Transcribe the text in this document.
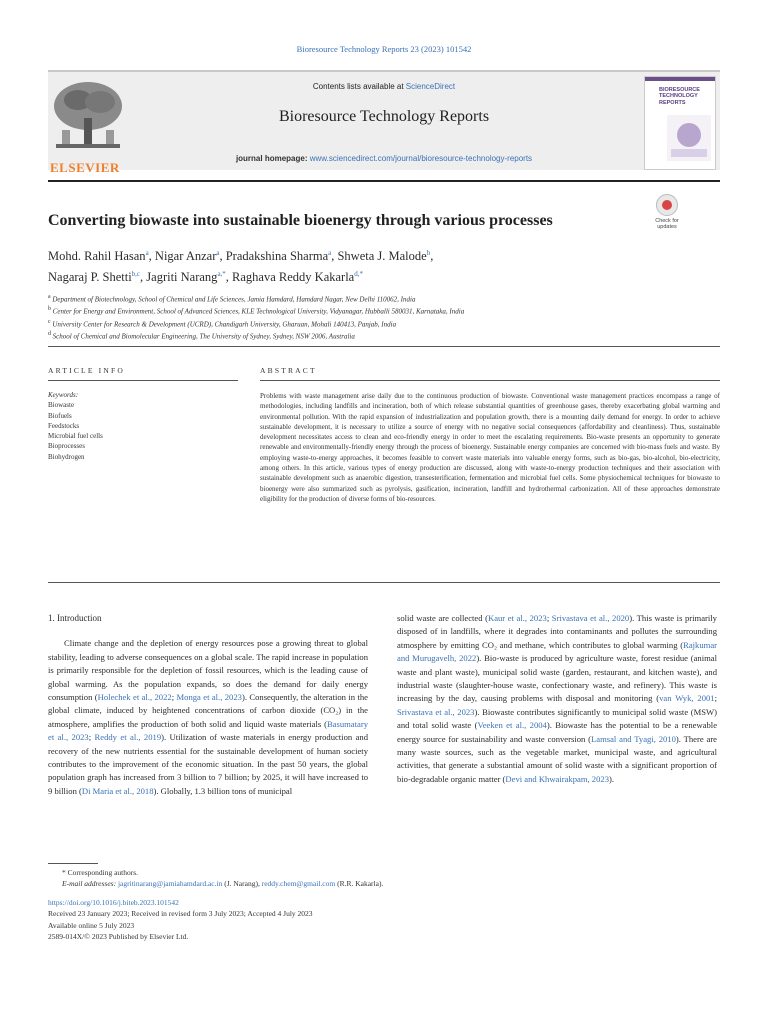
Bioresource Technology Reports 23 (2023) 101542
ELSEVIER
Contents lists available at ScienceDirect
Bioresource Technology Reports
journal homepage: www.sciencedirect.com/journal/bioresource-technology-reports
BIORESOURCE
TECHNOLOGY
REPORTS
Converting biowaste into sustainable bioenergy through various processes	Check for
updates
Mohd. Rahil Hasan$^a$, Nigar Anzar$^a$, Pradakshina Sharma$^a$, Shweta J. Malode$^b$,
Nagaraj P. Shetti$^{b,c}$, Jagriti Narang$^{a,*}$, Raghava Reddy Kakarla$^{d,*}$
$^a$ Department of Biotechnology, School of Chemical and Life Sciences, Jamia Hamdard, Hamdard Nagar, New Delhi 110062, India
$^b$ Center for Energy and Environment, School of Advanced Sciences, KLE Technological University, Vidyanagar, Hubballi 580031, Karnataka, India
$^c$ University Center for Research & Development (UCRD), Chandigarh University, Gharuan, Mohali 140413, Panjab, India
$^d$ School of Chemical and Biomolecular Engineering, The University of Sydney, Sydney, NSW 2006, Australia
ARTICLE INFO	ABSTRACT
Keywords:
Biowaste
Biofuels
Feedstocks
Microbial fuel cells
Bioprocesses
Biohydrogen
Problems with waste management arise daily due to the continuous production of biowaste. Conventional waste management practices encompass a range of methodologies, including landfills and incineration, both of which release substantial quantities of greenhouse gases, thereby exacerbating global warming and environmental pollution. With the rapid expansion of industrialization and population growth, there is a mounting daily demand for energy. In order to achieve sustainable development, it is necessary to utilize a source of energy with no negative social consequences (affordability and cleanliness). Thus, sustainable development necessitates access to clean and eco-friendly energy in order to meet the escalating requirements. Bio-waste presents an opportunity to generate renewable and environmentally-friendly energy through the process of bioenergy. Sustainable energy companies are concerned with bio-mass fuels and waste. By employing waste-to-energy approaches, it becomes feasible to convert waste materials into valuable energy forms, such as bio-gas, bio-alcohol, bio-electricity, among others. In this article, various types of energy production are discussed, along with waste-to-energy production techniques and their association with sustainable development such as anaerobic digestion, transesterification, fermentation and microbial fuel cells. Some physiochemical techniques for biowaste to bioenergy were also summarized such as pyrolysis, gasification, incineration, landfill and hydrothermal carbonization. All of these approaches demonstrate eligibility for the production of diverse forms of bio-resources.
1. Introduction

Climate change and the depletion of energy resources pose a growing threat to global stability, leading to adverse consequences on a global scale. The rapid increase in population is primarily responsible for the depletion of fossil resources, which is the leading cause of global warming. As the population expands, so does the demand for daily energy consumption (Holechek et al., 2022; Monga et al., 2023). Consequently, the alteration in the global climate, induced by heightened concentrations of carbon dioxide (CO₂) in the atmosphere, amplifies the production of both solid and liquid waste materials (Basumatary et al., 2023; Reddy et al., 2019). Utilization of waste materials in energy production and recovery of the new nutrients essential for the sustainable development of human society contributes to the improvement of the economic situation. In the past 50 years, the global population graph has increased from 3 billion to 7 billion; by 2025, it will have increased to 9 billion (Di Maria et al., 2018). Globally, 1.3 billion tons of municipal

solid waste are collected (Kaur et al., 2023; Srivastava et al., 2020). This waste is primarily disposed of in landfills, where it degrades into contaminants and pollutes the surrounding atmosphere by emitting CO₂ and methane, which contributes to global warming (Rajkumar and Murugavelh, 2022). Bio-waste is produced by agriculture waste, forest residue (animal waste and plant waste), municipal solid waste (garden, restaurant, and kitchen waste), and industrial waste (slaughter-house waste, confectionary waste, and refinery). This waste is increasing by the day, causing problems with disposal and monitoring (van Wyk, 2001; Srivastava et al., 2023). Biowaste contributes significantly to municipal solid waste (MSW) and total solid waste (Veeken et al., 2004). Biowaste has the potential to be a renewable energy source for sustainability and waste conversion (Lamsal and Tyagi, 2010). There are many waste sources, such as the vegetable market, municipal waste, and agricultural activities, that generate a substantial amount of solid waste with a significant proportion of bio-degradable organic matter (Devi and Khwairakpam, 2023).

* Corresponding authors.
E-mail addresses: jagritinarang@jamiahamdard.ac.in (J. Narang), reddy.chem@gmail.com (R.R. Kakarla).
https://doi.org/10.1016/j.biteb.2023.101542
Received 23 January 2023; Received in revised form 3 July 2023; Accepted 4 July 2023
Available online 5 July 2023
2589-014X/© 2023 Published by Elsevier Ltd.
